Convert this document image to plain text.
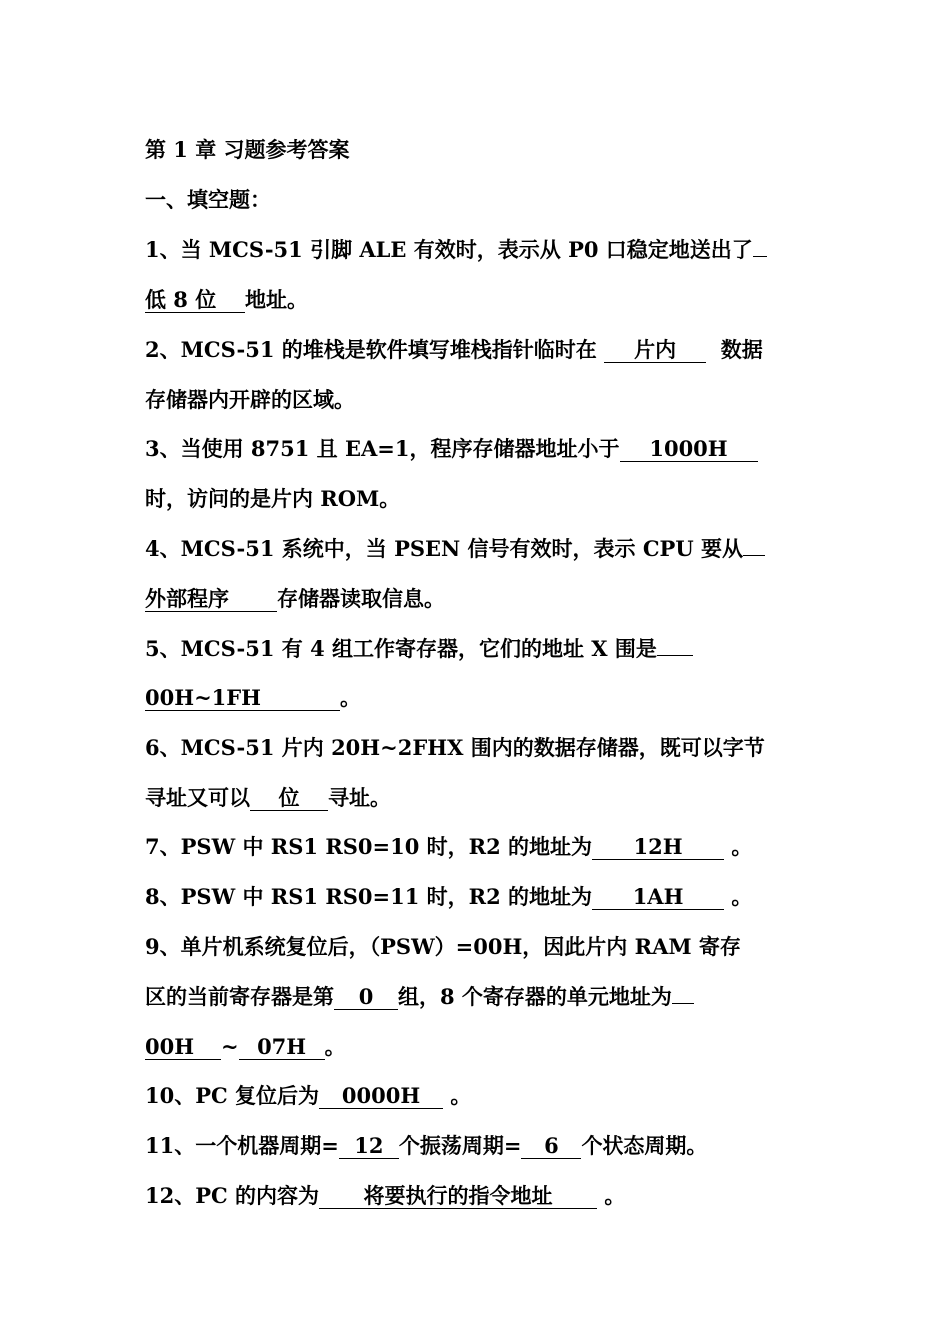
第 1 章 习题参考答案
一、填空题：
1、当 MCS-51 引脚 ALE 有效时，表示从 P0 口稳定地送出了
低 8 位 地址。
2、MCS-51 的堆栈是软件填写堆栈指针临时在 片内 数据
存储器内开辟的区域。
3、当使用 8751 且 EA=1，程序存储器地址小于 1000H
时，访问的是片内 ROM。
4、MCS-51 系统中，当 PSEN 信号有效时，表示 CPU 要从
外部程序 存储器读取信息。
5、MCS-51 有 4 组工作寄存器，它们的地址 X 围是
00H~1FH	。
6、MCS-51 片内 20H~2FHX 围内的数据存储器，既可以字节
寻址又可以 位 寻址。
7、PSW 中 RS1 RS0=10 时，R2 的地址为 12H 。
8、PSW 中 RS1 RS0=11 时，R2 的地址为 1AH 。
9、单片机系统复位后，（PSW）=00H，因此片内 RAM 寄存
区的当前寄存器是第 0 组，8 个寄存器的单元地址为
00H ~ 07H 。
10、PC 复位后为 0000H 。
11、一个机器周期= 12 个振荡周期= 6 个状态周期。
12、PC 的内容为 将要执行的指令地址 。
